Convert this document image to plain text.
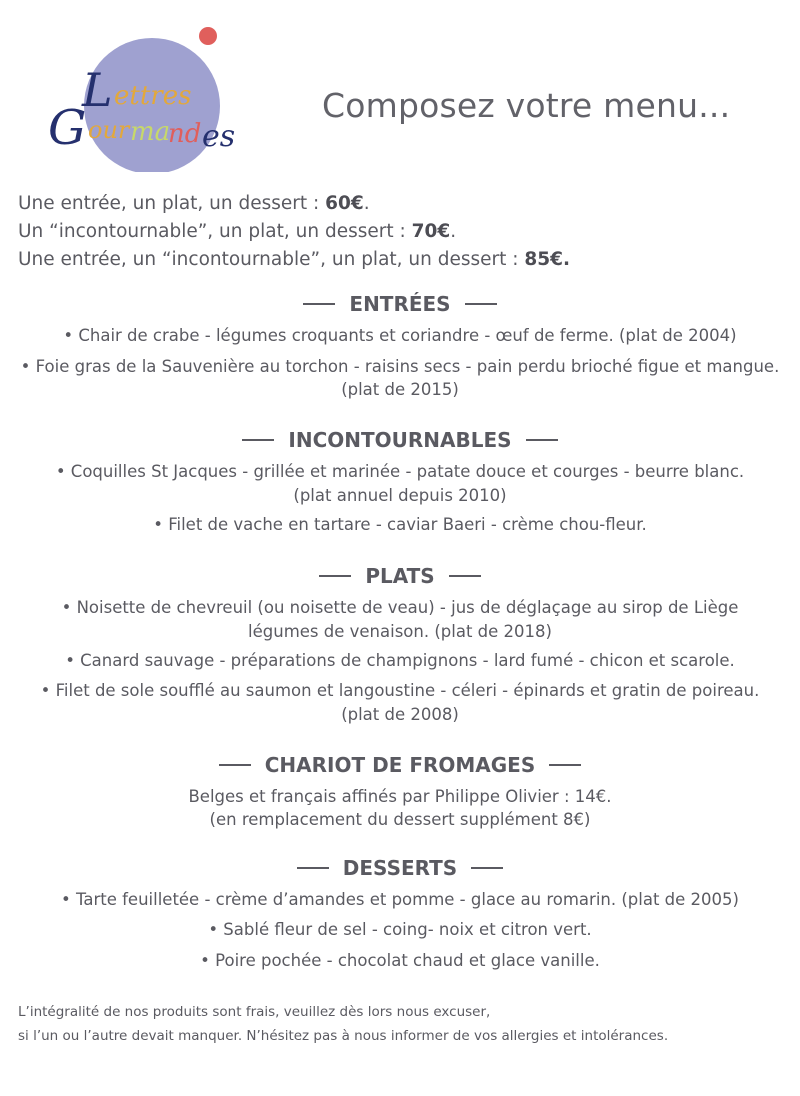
L ettres
G our ma
nd es
Composez votre menu...
Une entrée, un plat, un dessert : 60€.
Un “incontournable”, un plat, un dessert : 70€.
Une entrée, un “incontournable”, un plat, un dessert : 85€.
ENTRÉES
• Chair de crabe - légumes croquants et coriandre - œuf de ferme. (plat de 2004)
• Foie gras de la Sauvenière au torchon - raisins secs - pain perdu brioché figue et mangue.
(plat de 2015)
INCONTOURNABLES
• Coquilles St Jacques - grillée et marinée - patate douce et courges - beurre blanc.
(plat annuel depuis 2010)
• Filet de vache en tartare - caviar Baeri - crème chou-fleur.
PLATS
• Noisette de chevreuil (ou noisette de veau) - jus de déglaçage au sirop de Liège
légumes de venaison. (plat de 2018)
• Canard sauvage - préparations de champignons - lard fumé - chicon et scarole.
• Filet de sole soufflé au saumon et langoustine - céleri - épinards et gratin de poireau.
(plat de 2008)
CHARIOT DE FROMAGES
Belges et français affinés par Philippe Olivier : 14€.
(en remplacement du dessert supplément 8€)
DESSERTS
• Tarte feuilletée - crème d’amandes et pomme - glace au romarin. (plat de 2005)
• Sablé fleur de sel - coing- noix et citron vert.
• Poire pochée - chocolat chaud et glace vanille.
L’intégralité de nos produits sont frais, veuillez dès lors nous excuser,
si l’un ou l’autre devait manquer. N’hésitez pas à nous informer de vos allergies et intolérances.
